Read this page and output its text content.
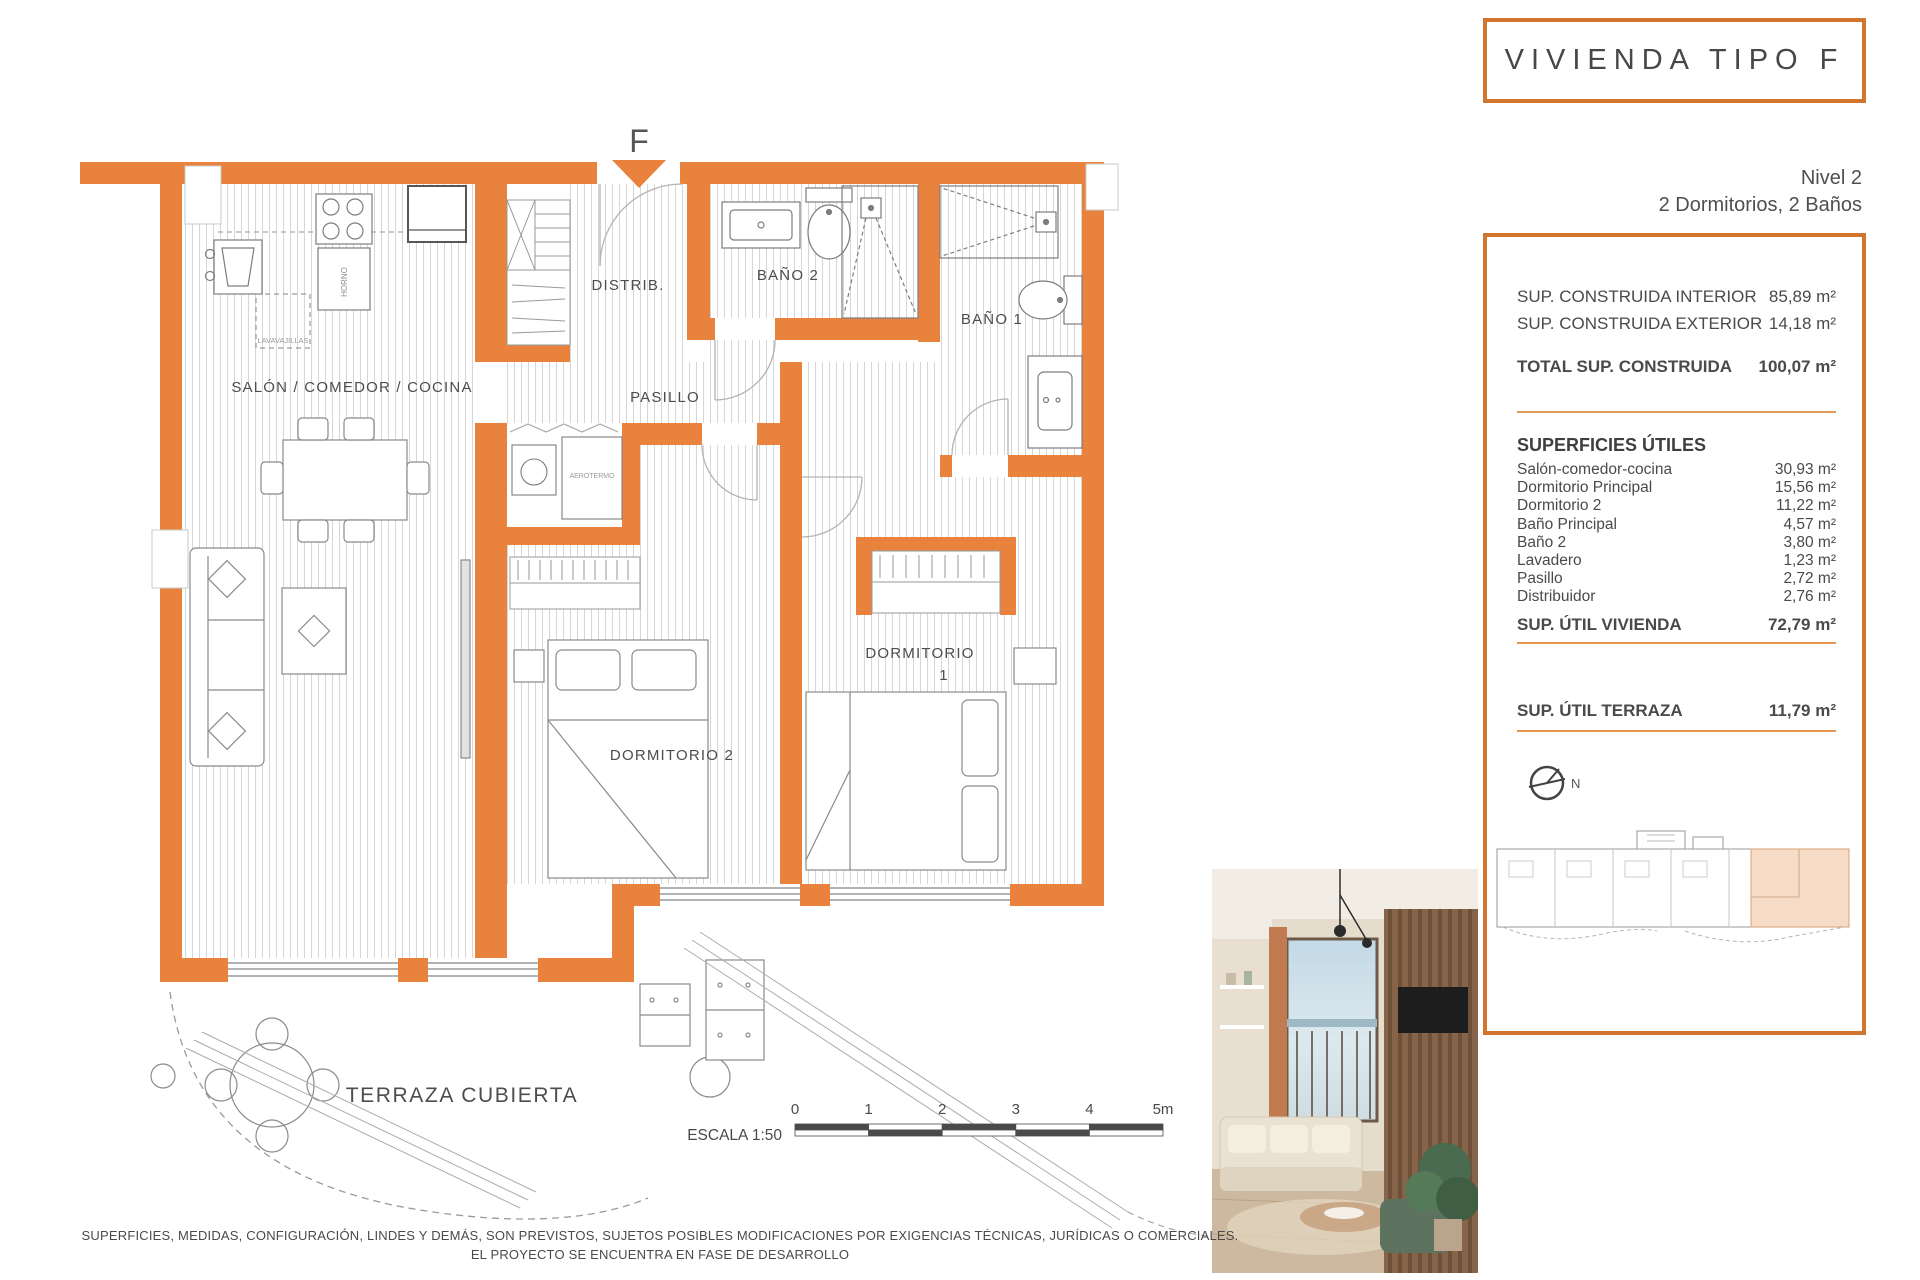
HORNO
LAVAVAJILLAS
AEROTERMO
F
SALÓN / COMEDOR / COCINA
DISTRIB.
BAÑO 2
BAÑO 1
PASILLO
DORMITORIO 2
DORMITORIO
1
TERRAZA CUBIERTA
ESCALA 1:50
0	1	2	3	4	5m
VIVIENDA TIPO F
Nivel 2
2 Dormitorios, 2 Baños
SUP. CONSTRUIDA INTERIOR 85,89 m²
SUP. CONSTRUIDA EXTERIOR 14,18 m²
TOTAL SUP. CONSTRUIDA 100,07 m²
SUPERFICIES ÚTILES
Salón-comedor-cocina	30,93 m²
Dormitorio Principal	15,56 m²
Dormitorio 2	11,22 m²
Baño Principal	4,57 m²
Baño 2	3,80 m²
Lavadero	1,23 m²
Pasillo	2,72 m²
Distribuidor	2,76 m²
SUP. ÚTIL VIVIENDA	72,79 m²
SUP. ÚTIL TERRAZA	11,79 m²
N
SUPERFICIES, MEDIDAS, CONFIGURACIÓN, LINDES Y DEMÁS, SON PREVISTOS, SUJETOS POSIBLES MODIFICACIONES POR EXIGENCIAS TÉCNICAS, JURÍDICAS O COMERCIALES.
EL PROYECTO SE ENCUENTRA EN FASE DE DESARROLLO
